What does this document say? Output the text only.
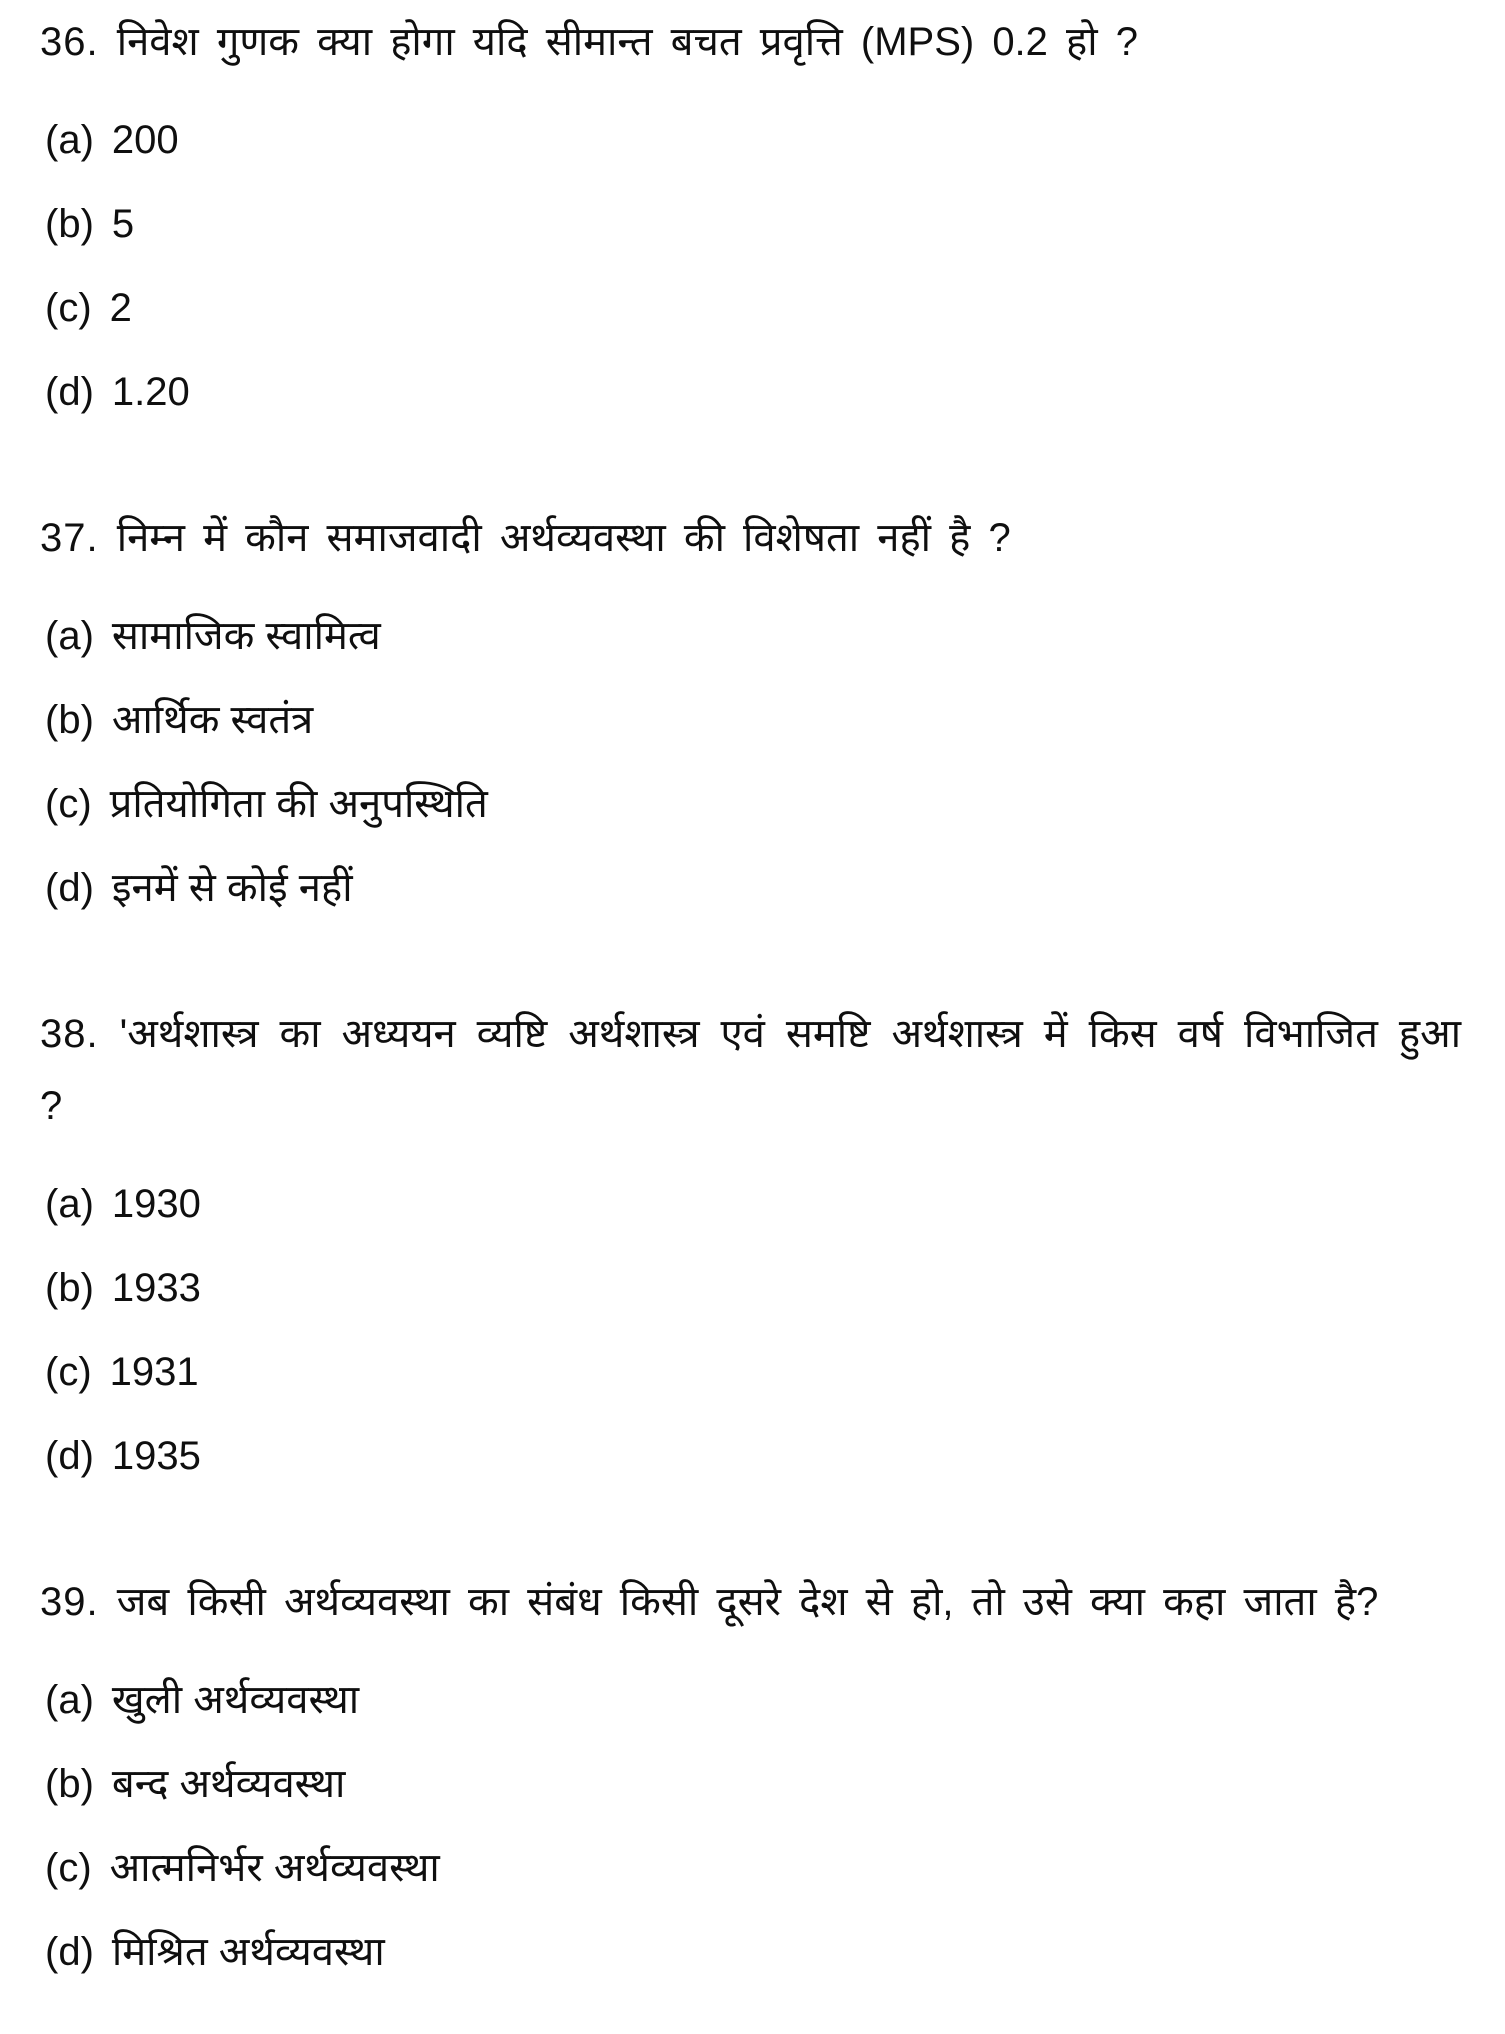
36. निवेश गुणक क्या होगा यदि सीमान्त बचत प्रवृत्ति (MPS) 0.2 हो ?

(a) 200
(b) 5
(c) 2
(d) 1.20

37. निम्न में कौन समाजवादी अर्थव्यवस्था की विशेषता नहीं है ?

(a) सामाजिक स्वामित्व
(b) आर्थिक स्वतंत्र
(c) प्रतियोगिता की अनुपस्थिति
(d) इनमें से कोई नहीं

38. 'अर्थशास्त्र का अध्ययन व्यष्टि अर्थशास्त्र एवं समष्टि अर्थशास्त्र में किस वर्ष विभाजित हुआ ?

(a) 1930
(b) 1933
(c) 1931
(d) 1935

39. जब किसी अर्थव्यवस्था का संबंध किसी दूसरे देश से हो, तो उसे क्या कहा जाता है?

(a) खुली अर्थव्यवस्था
(b) बन्द अर्थव्यवस्था
(c) आत्मनिर्भर अर्थव्यवस्था
(d) मिश्रित अर्थव्यवस्था
